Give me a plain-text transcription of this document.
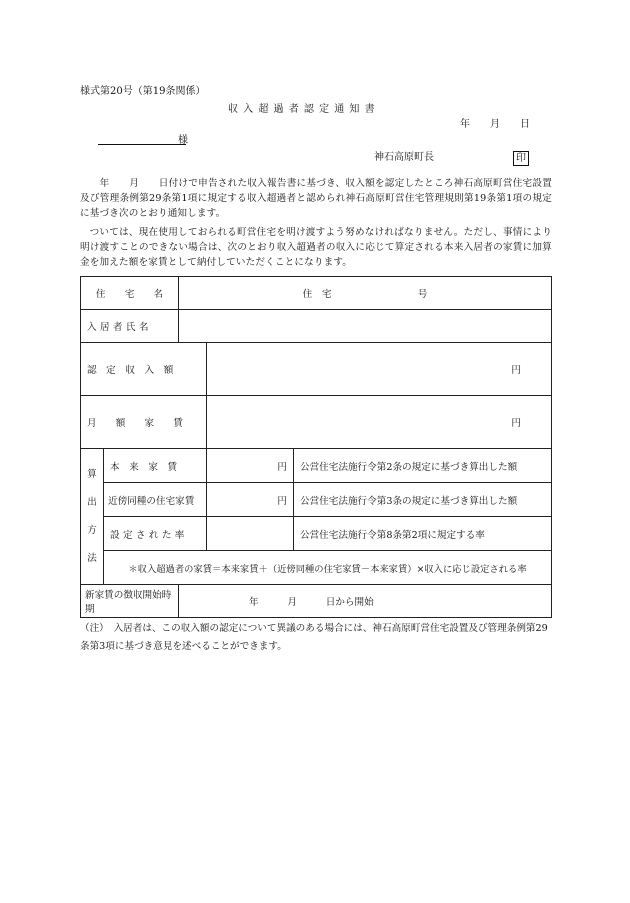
様式第20号（第19条関係）
収 入 超 過 者 認 定 通 知 書
年　　月　　日
様
神石高原町長	印
　　年　　月　　日付けで申告された収入報告書に基づき、収入額を認定したところ神石高原町営住宅設置及び管理条例第29条第1項に規定する収入超過者と認められ神石高原町営住宅管理規則第19条第1項の規定に基づき次のとおり通知します。
ついては、現在使用しておられる町営住宅を明け渡すよう努めなければなりません。ただし、事情により明け渡すことのできない場合は、次のとおり収入超過者の収入に応じて算定される本来入居者の家賃に加算金を加えた額を家賃として納付していただくことになります。
住　　宅　　名		住　宅　　　　　　　　　号		
入居者氏名				
認　定　収　入　額			円	
月　　額　　家　　賃			円	

算
出
方
法	本　来　家　賃		円	公営住宅法施行令第2条の規定に基づき算出した額
	近傍同種の住宅家賃		円	公営住宅法施行令第3条の規定に基づき算出した額
	設定された率			公営住宅法施行令第8条第2項に規定する率
	＊収入超過者の家賃＝本来家賃＋（近傍同種の住宅家賃－本来家賃）×収入に応じ設定される率			
新家賃の徴収開始時期		年　　　月　　　日から開始		
（注）　 入居者は、この収入額の認定について異議のある場合には、神石高原町営住宅設置及び管理条例第29条第3項に基づき意見を述べることができます。
